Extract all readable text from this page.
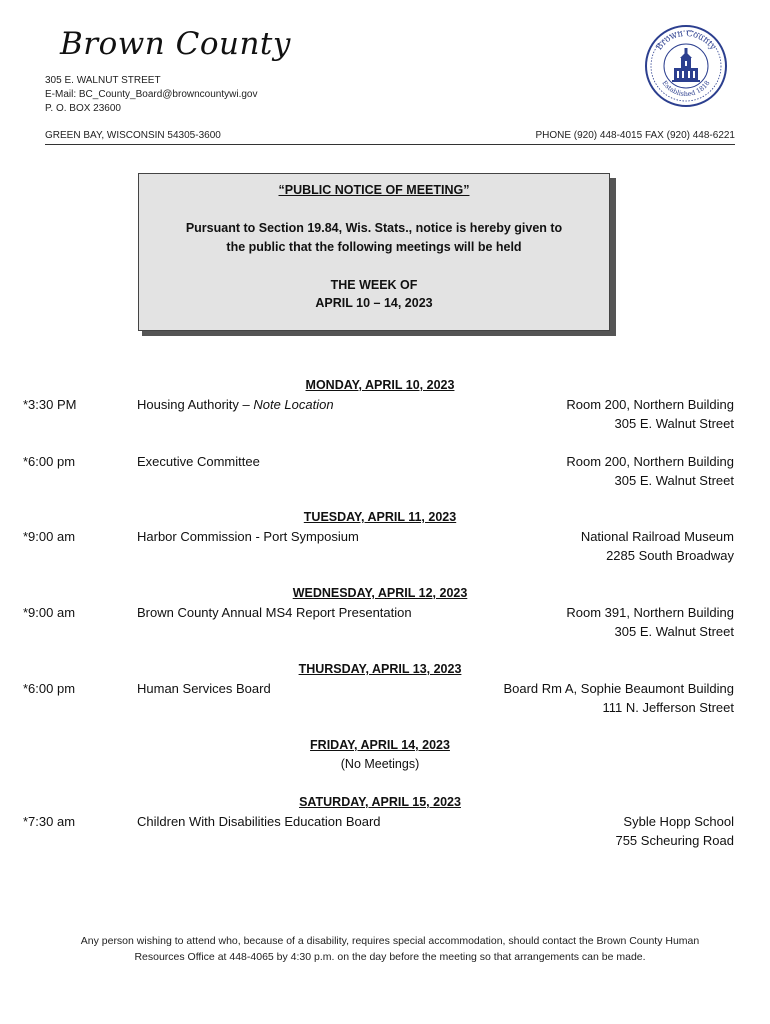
Brown County
305 E. WALNUT STREET
E-Mail: BC_County_Board@browncountywi.gov
P. O. BOX 23600
GREEN BAY, WISCONSIN 54305-3600	PHONE (920) 448-4015 FAX (920) 448-6221
Brown County
Established 1818
“PUBLIC NOTICE OF MEETING”
Pursuant to Section 19.84, Wis. Stats., notice is hereby given to
the public that the following meetings will be held
THE WEEK OF
APRIL 10 – 14, 2023
MONDAY, APRIL 10, 2023
*3:30 PM	Housing Authority – Note Location	Room 200, Northern Building
305 E. Walnut Street
*6:00 pm	Executive Committee	Room 200, Northern Building
305 E. Walnut Street
TUESDAY, APRIL 11, 2023
*9:00 am	Harbor Commission - Port Symposium	National Railroad Museum
2285 South Broadway
WEDNESDAY, APRIL 12, 2023
*9:00 am	Brown County Annual MS4 Report Presentation	Room 391, Northern Building
305 E. Walnut Street
THURSDAY, APRIL 13, 2023
*6:00 pm	Human Services Board	Board Rm A, Sophie Beaumont Building
111 N. Jefferson Street
FRIDAY, APRIL 14, 2023
(No Meetings)
SATURDAY, APRIL 15, 2023
*7:30 am	Children With Disabilities Education Board	Syble Hopp School
755 Scheuring Road
Any person wishing to attend who, because of a disability, requires special accommodation, should contact the Brown County Human
Resources Office at 448-4065 by 4:30 p.m. on the day before the meeting so that arrangements can be made.
